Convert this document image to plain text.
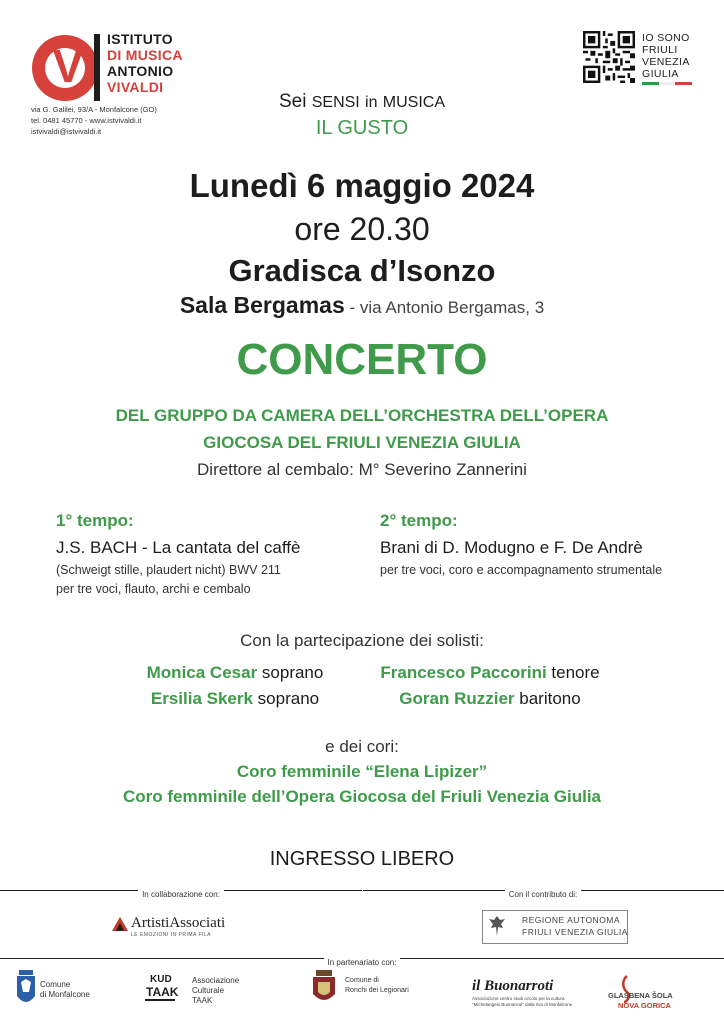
V
ISTITUTO
DI MUSICA
ANTONIO
VIVALDI
via G. Galilei, 93/A - Monfalcone (GO)
tel. 0481 45770 - www.istvivaldi.it
istvivaldi@istvivaldi.it
IO SONO
FRIULI
VENEZIA
GIULIA
Sei SENSI in MUSICA
IL GUSTO
Lunedì 6 maggio 2024
ore 20.30
Gradisca d’Isonzo
Sala Bergamas - via Antonio Bergamas, 3
CONCERTO
DEL GRUPPO DA CAMERA DELL’ORCHESTRA DELL’OPERA
GIOCOSA DEL FRIULI VENEZIA GIULIA
Direttore al cembalo: M° Severino Zannerini
1° tempo:
J.S. BACH - La cantata del caffè
(Schweigt stille, plaudert nicht) BWV 211
per tre voci, flauto, archi e cembalo
2° tempo:
Brani di D. Modugno e F. De Andrè
per tre voci, coro e accompagnamento strumentale
Con la partecipazione dei solisti:
Monica Cesar soprano
Ersilia Skerk soprano
Francesco Paccorini tenore
Goran Ruzzier baritono
e dei cori:
Coro femminile “Elena Lipizer”
Coro femminile dell’Opera Giocosa del Friuli Venezia Giulia
INGRESSO LIBERO
In collaborazione con:	Con il contributo di:
ArtistiAssociati
LE EMOZIONI IN PRIMA FILA
REGIONE AUTONOMA
FRIULI VENEZIA GIULIA
In partenariato con:
Comune
di Monfalcone
KUD
TAAK
Associazione
Culturale
TAAK
Comune di
Ronchi dei Legionari	il Buonarroti
Associazione centro studi circolo per la cultura
"Michelangelo Buonarroti" dalla riva di Monfalcone
GLASBENA ŠOLA
NOVA GORICA
